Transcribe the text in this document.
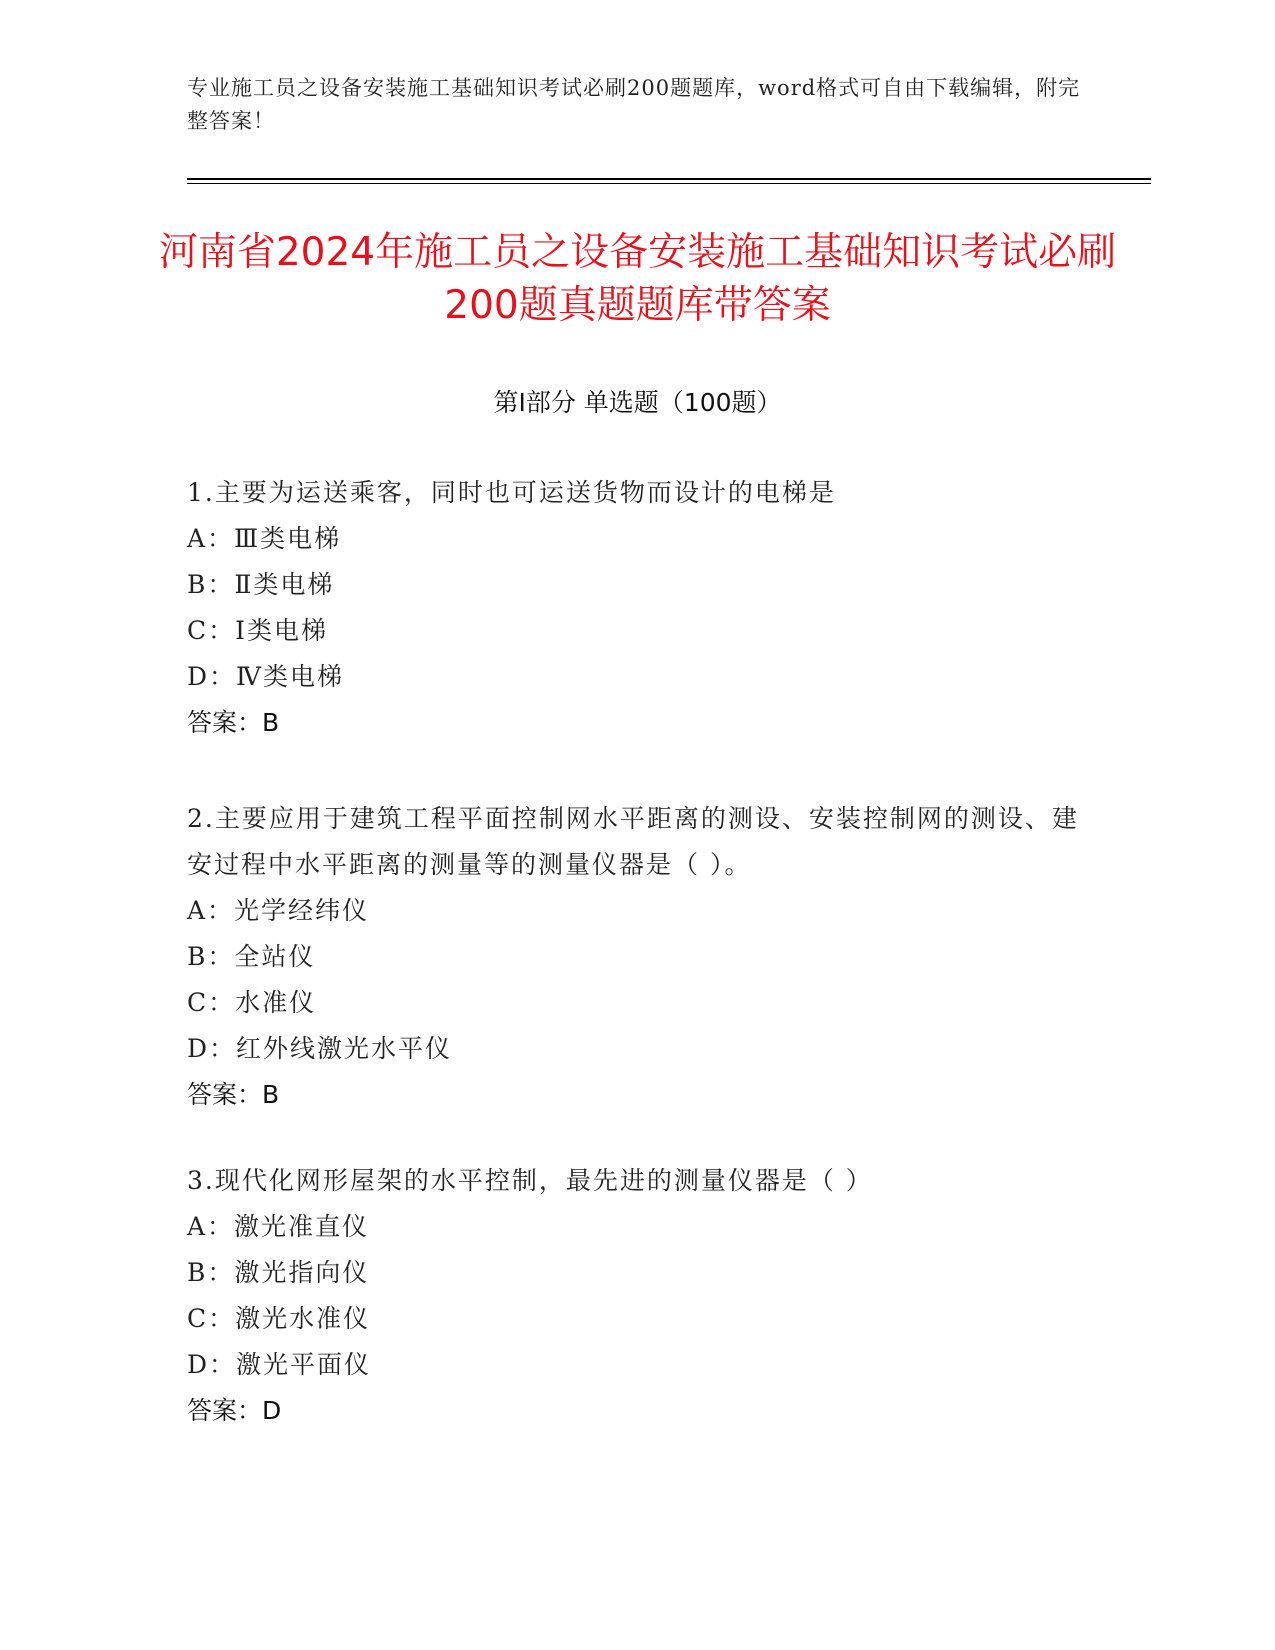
专业施工员之设备安装施工基础知识考试必刷200题题库，word格式可自由下载编辑，附完整答案！
河南省2024年施工员之设备安装施工基础知识考试必刷200题真题题库带答案
第Ⅰ部分 单选题（100题）

1.主要为运送乘客，同时也可运送货物而设计的电梯是

A：Ⅲ类电梯

B：Ⅱ类电梯

C：Ⅰ类电梯

D：Ⅳ类电梯

答案：B

2.主要应用于建筑工程平面控制网水平距离的测设、安装控制网的测设、建安过程中水平距离的测量等的测量仪器是（ ）。

A：光学经纬仪

B：全站仪

C：水准仪

D：红外线激光水平仪

答案：B

3.现代化网形屋架的水平控制，最先进的测量仪器是（ ）

A：激光准直仪

B：激光指向仪

C：激光水准仪

D：激光平面仪

答案：D
